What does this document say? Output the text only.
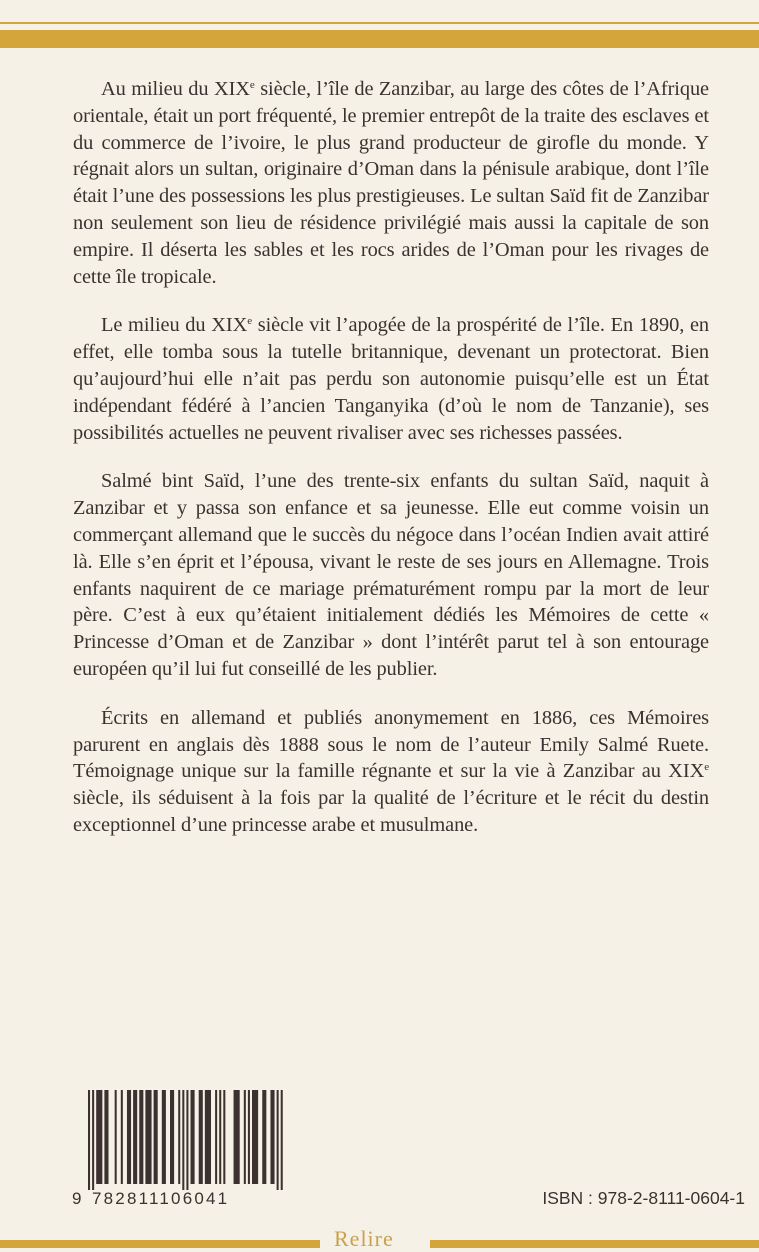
Au milieu du XIXe siècle, l’île de Zanzibar, au large des côtes de l’Afrique orientale, était un port fréquenté, le premier entrepôt de la traite des esclaves et du commerce de l’ivoire, le plus grand producteur de girofle du monde. Y régnait alors un sultan, originaire d’Oman dans la pénisule arabique, dont l’île était l’une des possessions les plus prestigieuses. Le sultan Saïd fit de Zanzibar non seulement son lieu de résidence privilégié mais aussi la capitale de son empire. Il déserta les sables et les rocs arides de l’Oman pour les rivages de cette île tropicale.

Le milieu du XIXe siècle vit l’apogée de la prospérité de l’île. En 1890, en effet, elle tomba sous la tutelle britannique, devenant un protectorat. Bien qu’aujourd’hui elle n’ait pas perdu son autonomie puisqu’elle est un État indépendant fédéré à l’ancien Tanganyika (d’où le nom de Tanzanie), ses possibilités actuelles ne peuvent rivaliser avec ses richesses passées.

Salmé bint Saïd, l’une des trente-six enfants du sultan Saïd, naquit à Zanzibar et y passa son enfance et sa jeunesse. Elle eut comme voisin un commerçant allemand que le succès du négoce dans l’océan Indien avait attiré là. Elle s’en éprit et l’épousa, vivant le reste de ses jours en Allemagne. Trois enfants naquirent de ce mariage prématurément rompu par la mort de leur père. C’est à eux qu’étaient initialement dédiés les Mémoires de cette « Princesse d’Oman et de Zanzibar » dont l’intérêt parut tel à son entourage européen qu’il lui fut conseillé de les publier.

Écrits en allemand et publiés anonymement en 1886, ces Mémoires parurent en anglais dès 1888 sous le nom de l’auteur Emily Salmé Ruete. Témoignage unique sur la famille régnante et sur la vie à Zanzibar au XIXe siècle, ils séduisent à la fois par la qualité de l’écriture et le récit du destin exceptionnel d’une princesse arabe et musulmane.

9 782811106041	ISBN : 978-2-8111-0604-1
Relire
